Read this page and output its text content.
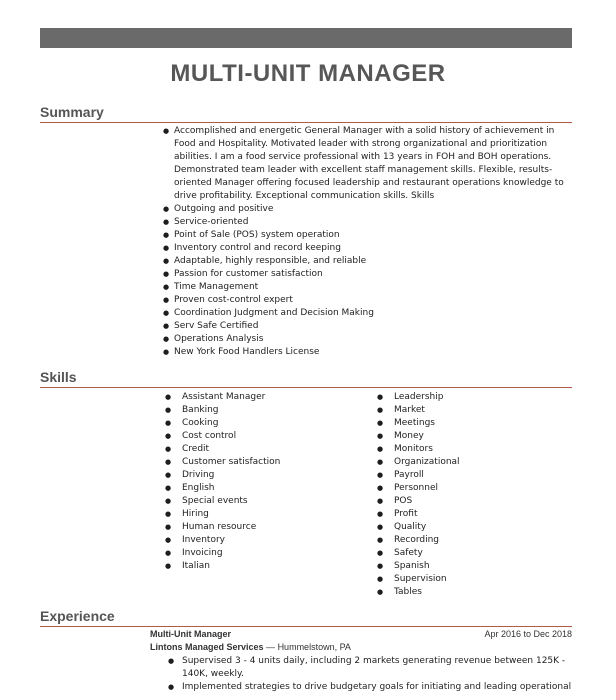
MULTI-UNIT MANAGER
Summary
● Accomplished and energetic General Manager with a solid history of achievement in Food and Hospitality. Motivated leader with strong organizational and prioritization abilities. I am a food service professional with 13 years in FOH and BOH operations. Demonstrated team leader with excellent staff management skills. Flexible, results-oriented Manager offering focused leadership and restaurant operations knowledge to drive profitability. Exceptional communication skills. Skills
● Outgoing and positive
● Service-oriented
● Point of Sale (POS) system operation
● Inventory control and record keeping
● Adaptable, highly responsible, and reliable
● Passion for customer satisfaction
● Time Management
● Proven cost-control expert
● Coordination Judgment and Decision Making
● Serv Safe Certified
● Operations Analysis
● New York Food Handlers License
Skills
● Assistant Manager
● Banking
● Cooking
● Cost control
● Credit
● Customer satisfaction
● Driving
● English
● Special events
● Hiring
● Human resource
● Inventory
● Invoicing
● Italian
● Leadership
● Market
● Meetings
● Money
● Monitors
● Organizational
● Payroll
● Personnel
● POS
● Profit
● Quality
● Recording
● Safety
● Spanish
● Supervision
● Tables
Experience
Multi-Unit Manager	Apr 2016 to Dec 2018
Lintons Managed Services — Hummelstown, PA
● Supervised 3 - 4 units daily, including 2 markets generating revenue between 125K - 140K, weekly.
● Implemented strategies to drive budgetary goals for initiating and leading operational
